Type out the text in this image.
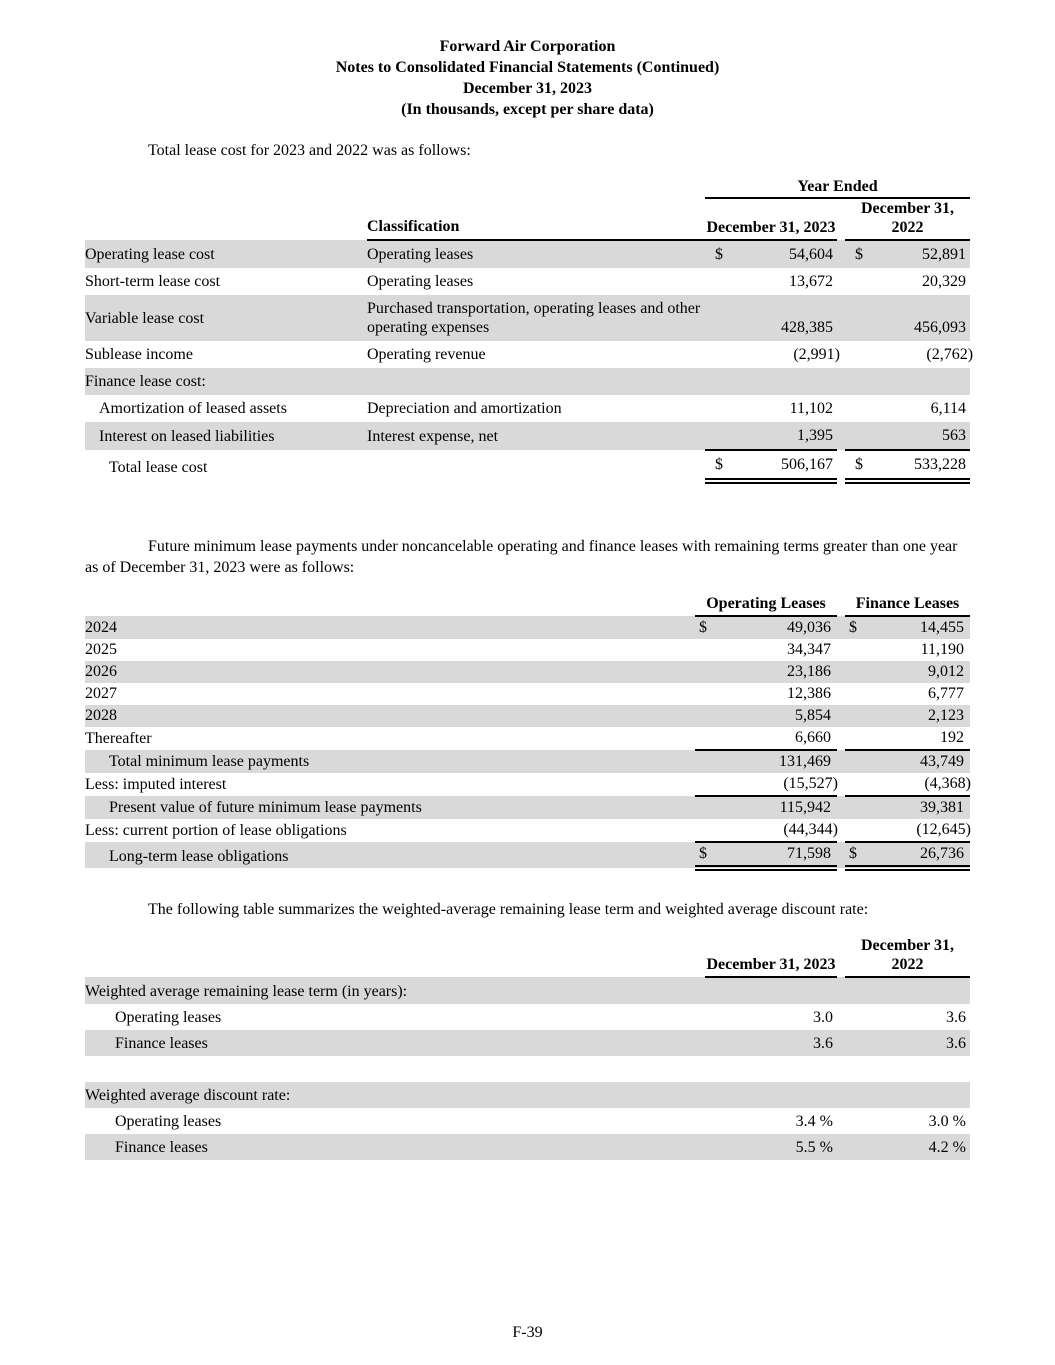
Forward Air Corporation
Notes to Consolidated Financial Statements (Continued)
December 31, 2023
(In thousands, except per share data)

Total lease cost for 2023 and 2022 was as follows:

		Year Ended		
	Classification	December 31, 2023		December 31, 2022
Operating lease cost	Operating leases	$ 54,604		$ 52,891

Short-term lease cost	Operating leases	13,672		20,329

Variable lease cost	Purchased transportation, operating leases and other operating expenses	428,385		456,093

Sublease income	Operating revenue	(2,991)		(2,762)

Finance lease cost:				
Amortization of leased assets	Depreciation and amortization	11,102		6,114

Interest on leased liabilities	Interest expense, net	1,395		563

Total lease cost		$ 506,167		$ 533,228

Future minimum lease payments under noncancelable operating and finance leases with remaining terms greater than one year as of December 31, 2023 were as follows:

	Operating Leases		Finance Leases
2024	$ 49,036		$ 14,455

2025	34,347		11,190

2026	23,186		9,012

2027	12,386		6,777

2028	5,854		2,123

Thereafter	6,660		192

Total minimum lease payments	131,469		43,749

Less: imputed interest	(15,527)		(4,368)

Present value of future minimum lease payments	115,942		39,381

Less: current portion of lease obligations	(44,344)		(12,645)

Long-term lease obligations	$ 71,598		$ 26,736

The following table summarizes the weighted-average remaining lease term and weighted average discount rate:

	December 31, 2023		December 31, 2022
Weighted average remaining lease term (in years):			
Operating leases	3.0		3.6

Finance leases	3.6		3.6

Weighted average discount rate:			
Operating leases	3.4 %		3.0 %

Finance leases	5.5 %		4.2 %
F-39
